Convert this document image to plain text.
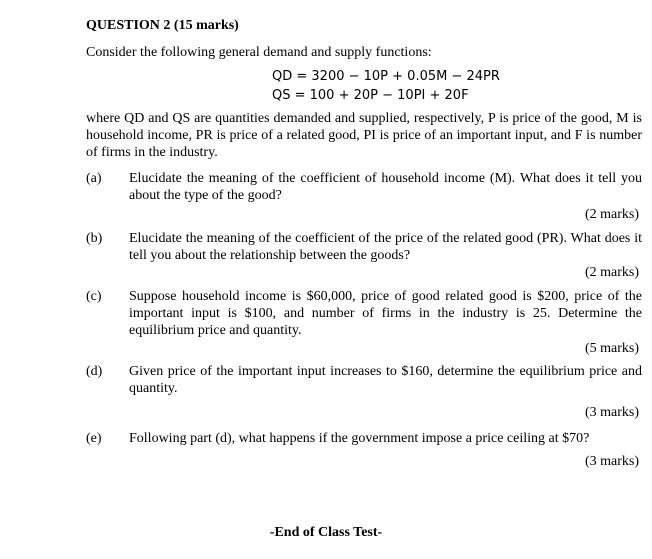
QUESTION 2 (15 marks)
Consider the following general demand and supply functions:
QD = 3200 − 10P + 0.05M − 24PR
QS = 100 + 20P − 10PI + 20F
where QD and QS are quantities demanded and supplied, respectively, P is price of the good, M is household income, PR is price of a related good, PI is price of an important input, and F is number of firms in the industry.
(a) Elucidate the meaning of the coefficient of household income (M). What does it tell you about the type of the good?
(2 marks)
(b) Elucidate the meaning of the coefficient of the price of the related good (PR). What does it tell you about the relationship between the goods?
(2 marks)
(c) Suppose household income is $60,000, price of good related good is $200, price of the important input is $100, and number of firms in the industry is 25. Determine the equilibrium price and quantity.
(5 marks)
(d) Given price of the important input increases to $160, determine the equilibrium price and quantity.
(3 marks)
(e) Following part (d), what happens if the government impose a price ceiling at $70?
(3 marks)
-End of Class Test-
